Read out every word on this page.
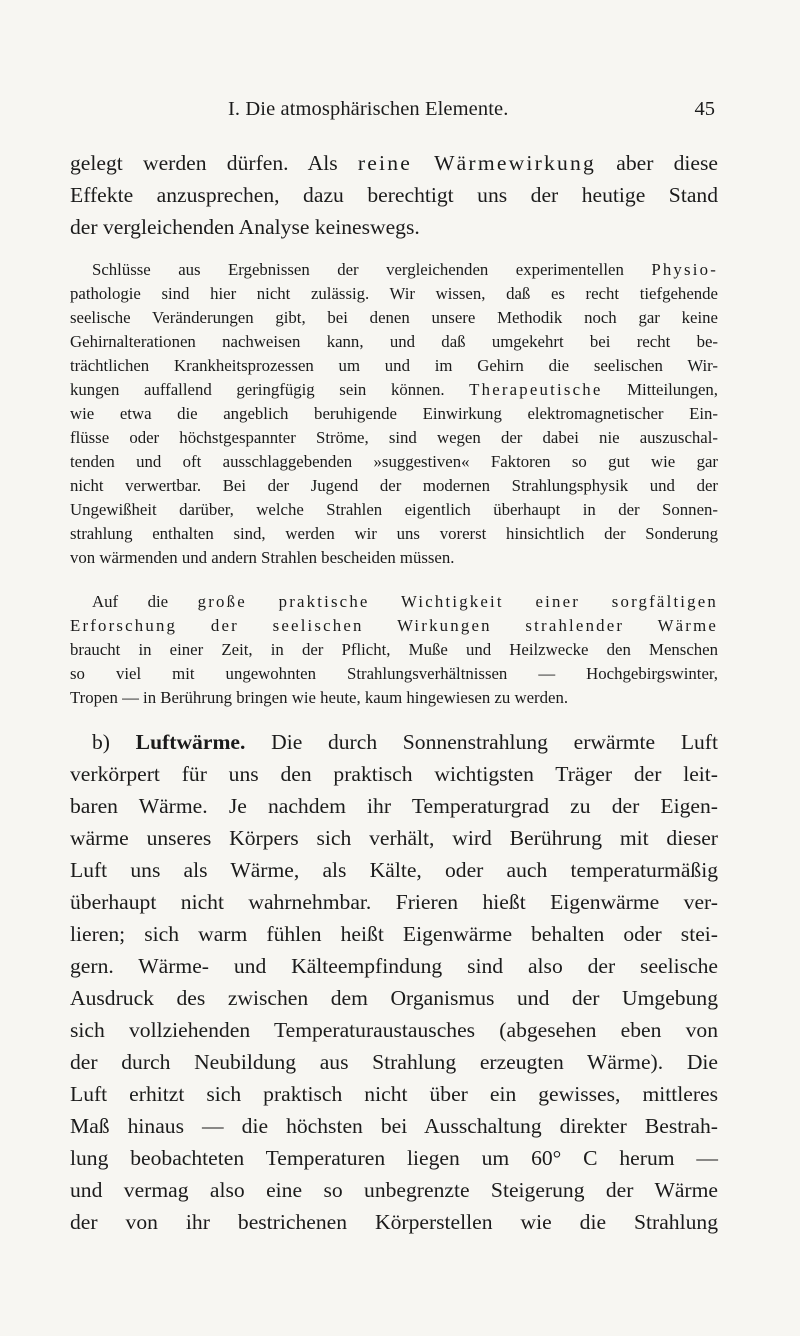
I. Die atmosphärischen Elemente.	45
gelegt werden dürfen. Als reine Wärmewirkung aber diese
Effekte anzusprechen, dazu berechtigt uns der heutige Stand
der vergleichenden Analyse keineswegs.
Schlüsse aus Ergebnissen der vergleichenden experimentellen Physio-
pathologie sind hier nicht zulässig. Wir wissen, daß es recht tiefgehende
seelische Veränderungen gibt, bei denen unsere Methodik noch gar keine
Gehirnalterationen nachweisen kann, und daß umgekehrt bei recht be-
trächtlichen Krankheitsprozessen um und im Gehirn die seelischen Wir-
kungen auffallend geringfügig sein können. Therapeutische Mitteilungen,
wie etwa die angeblich beruhigende Einwirkung elektromagnetischer Ein-
flüsse oder höchstgespannter Ströme, sind wegen der dabei nie auszuschal-
tenden und oft ausschlaggebenden »suggestiven« Faktoren so gut wie gar
nicht verwertbar. Bei der Jugend der modernen Strahlungsphysik und der
Ungewißheit darüber, welche Strahlen eigentlich überhaupt in der Sonnen-
strahlung enthalten sind, werden wir uns vorerst hinsichtlich der Sonderung
von wärmenden und andern Strahlen bescheiden müssen.
Auf die große praktische Wichtigkeit einer sorgfältigen
Erforschung der seelischen Wirkungen strahlender Wärme
braucht in einer Zeit, in der Pflicht, Muße und Heilzwecke den Menschen
so viel mit ungewohnten Strahlungsverhältnissen — Hochgebirgswinter,
Tropen — in Berührung bringen wie heute, kaum hingewiesen zu werden.
b) Luftwärme. Die durch Sonnenstrahlung erwärmte Luft
verkörpert für uns den praktisch wichtigsten Träger der leit-
baren Wärme. Je nachdem ihr Temperaturgrad zu der Eigen-
wärme unseres Körpers sich verhält, wird Berührung mit dieser
Luft uns als Wärme, als Kälte, oder auch temperaturmäßig
überhaupt nicht wahrnehmbar. Frieren hießt Eigenwärme ver-
lieren; sich warm fühlen heißt Eigenwärme behalten oder stei-
gern. Wärme- und Kälteempfindung sind also der seelische
Ausdruck des zwischen dem Organismus und der Umgebung
sich vollziehenden Temperaturaustausches (abgesehen eben von
der durch Neubildung aus Strahlung erzeugten Wärme). Die
Luft erhitzt sich praktisch nicht über ein gewisses, mittleres
Maß hinaus — die höchsten bei Ausschaltung direkter Bestrah-
lung beobachteten Temperaturen liegen um 60° C herum —
und vermag also eine so unbegrenzte Steigerung der Wärme
der von ihr bestrichenen Körperstellen wie die Strahlung
